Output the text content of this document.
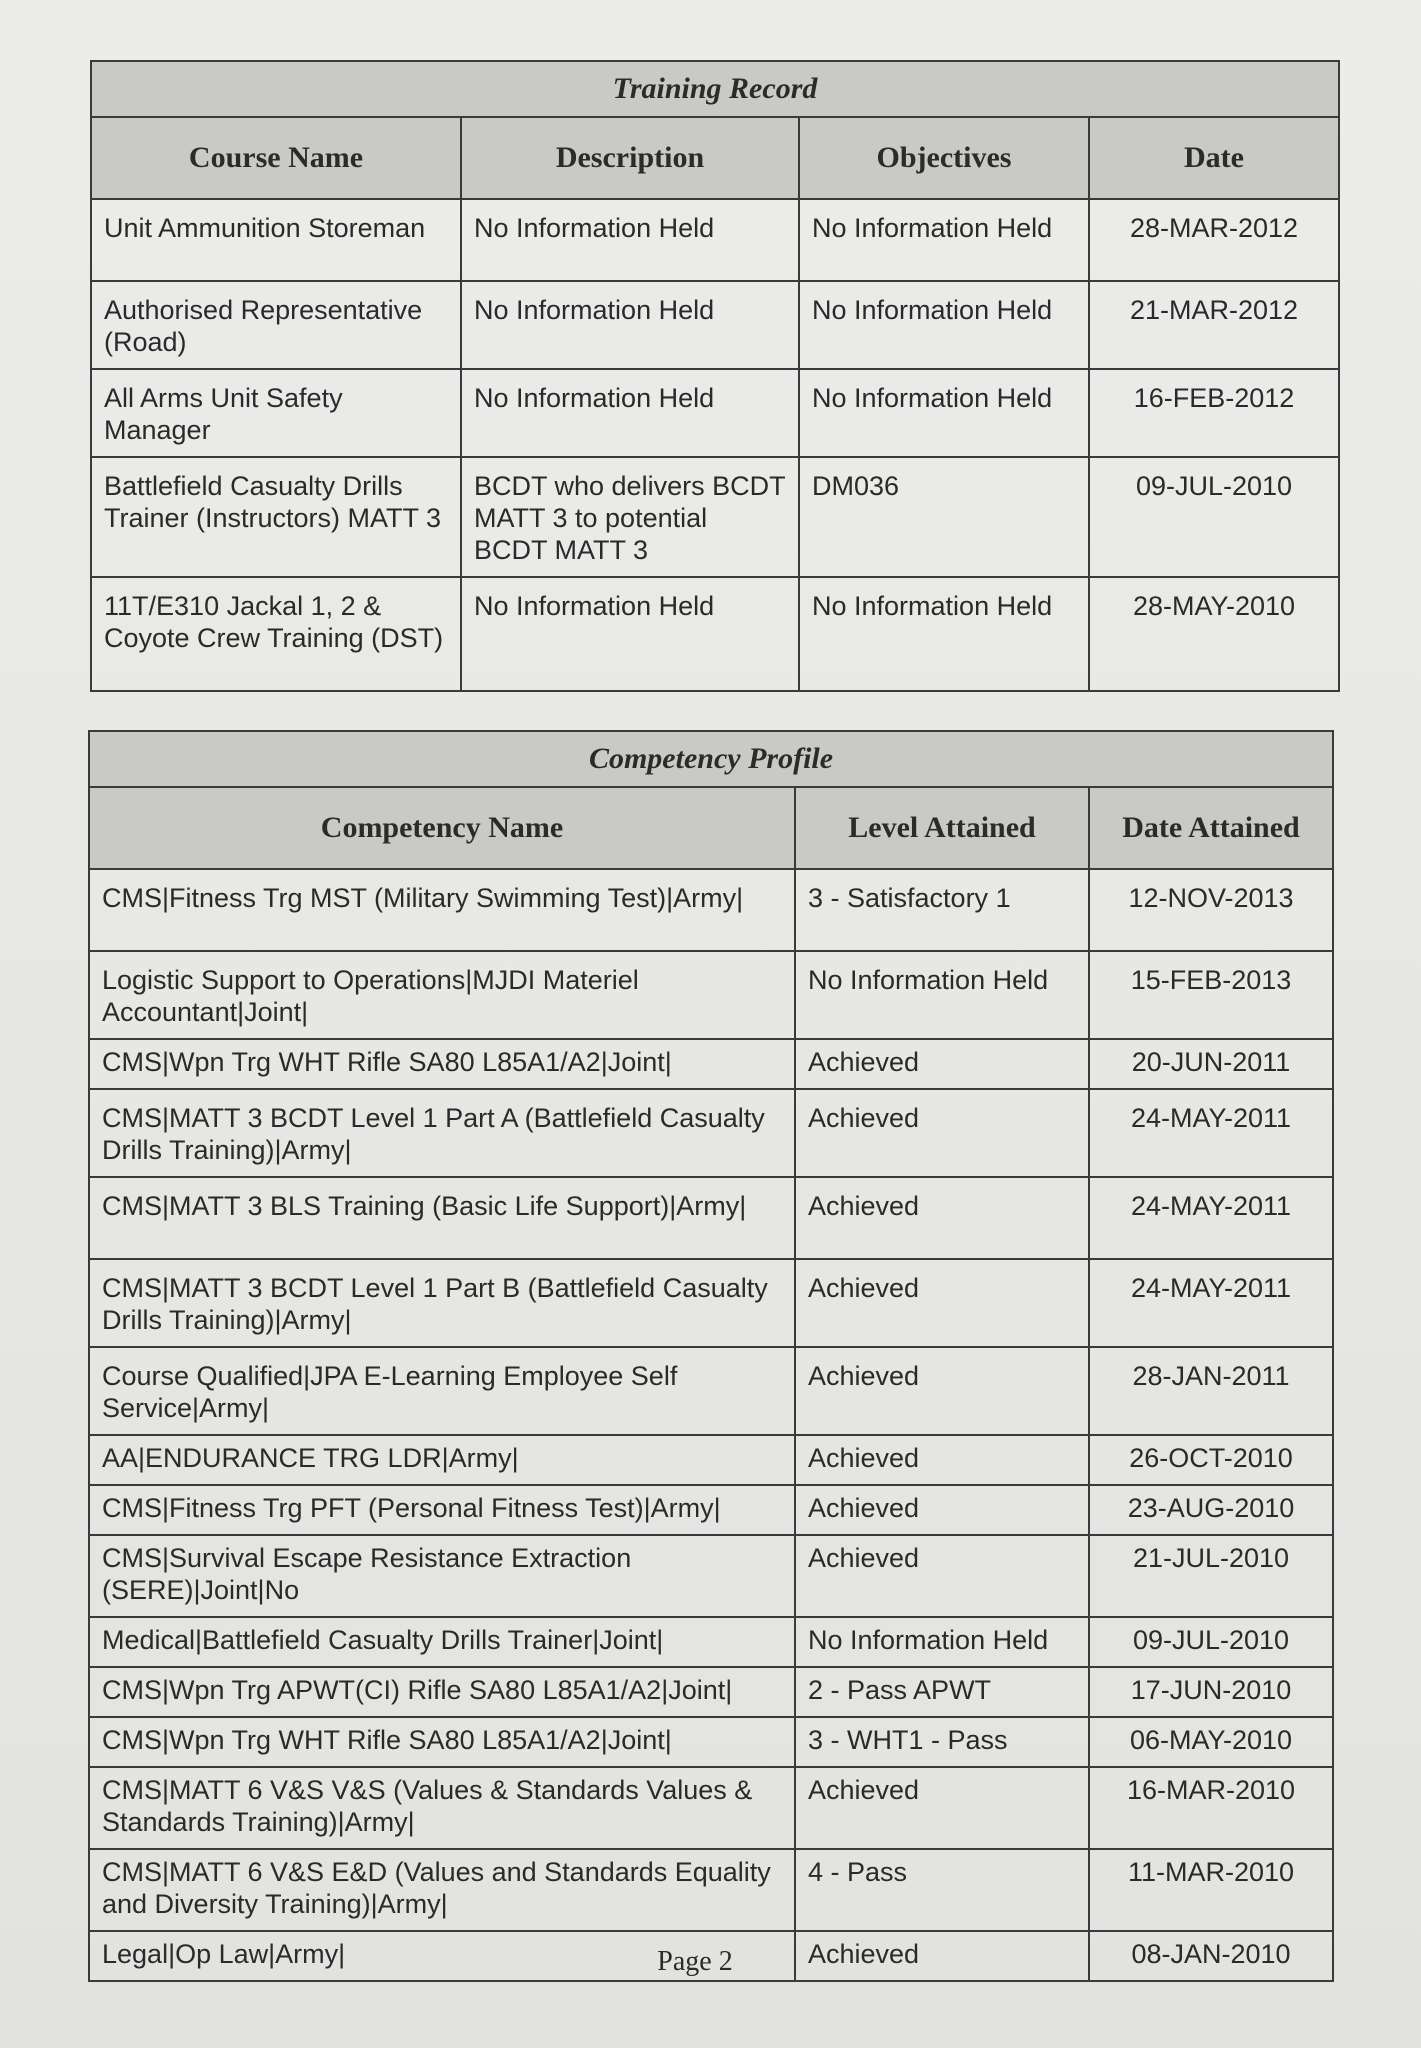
Training Record			
Course Name	Description	Objectives	Date
Unit Ammunition Storeman	No Information Held	No Information Held	28-MAR-2012
Authorised Representative (Road)	No Information Held	No Information Held	21-MAR-2012
All Arms Unit Safety Manager	No Information Held	No Information Held	16-FEB-2012
Battlefield Casualty Drills Trainer (Instructors) MATT 3	BCDT who delivers BCDT MATT 3 to potential BCDT MATT 3	DM036	09-JUL-2010
11T/E310 Jackal 1, 2 & Coyote Crew Training (DST)	No Information Held	No Information Held	28-MAY-2010
Competency Profile		
Competency Name	Level Attained	Date Attained
CMS|Fitness Trg MST (Military Swimming Test)|Army|	3 - Satisfactory 1	12-NOV-2013
Logistic Support to Operations|MJDI Materiel Accountant|Joint|	No Information Held	15-FEB-2013
CMS|Wpn Trg WHT Rifle SA80 L85A1/A2|Joint|	Achieved	20-JUN-2011
CMS|MATT 3 BCDT Level 1 Part A (Battlefield Casualty Drills Training)|Army|	Achieved	24-MAY-2011
CMS|MATT 3 BLS Training (Basic Life Support)|Army|	Achieved	24-MAY-2011
CMS|MATT 3 BCDT Level 1 Part B (Battlefield Casualty Drills Training)|Army|	Achieved	24-MAY-2011
Course Qualified|JPA E-Learning Employee Self Service|Army|	Achieved	28-JAN-2011
AA|ENDURANCE TRG LDR|Army|	Achieved	26-OCT-2010
CMS|Fitness Trg PFT (Personal Fitness Test)|Army|	Achieved	23-AUG-2010
CMS|Survival Escape Resistance Extraction (SERE)|Joint|No	Achieved	21-JUL-2010
Medical|Battlefield Casualty Drills Trainer|Joint|	No Information Held	09-JUL-2010
CMS|Wpn Trg APWT(CI) Rifle SA80 L85A1/A2|Joint|	2 - Pass APWT	17-JUN-2010
CMS|Wpn Trg WHT Rifle SA80 L85A1/A2|Joint|	3 - WHT1 - Pass	06-MAY-2010
CMS|MATT 6 V&S V&S (Values & Standards Values & Standards Training)|Army|	Achieved	16-MAR-2010
CMS|MATT 6 V&S E&D (Values and Standards Equality and Diversity Training)|Army|	4 - Pass	11-MAR-2010
Legal|Op Law|Army|	Achieved	08-JAN-2010
Page 2
